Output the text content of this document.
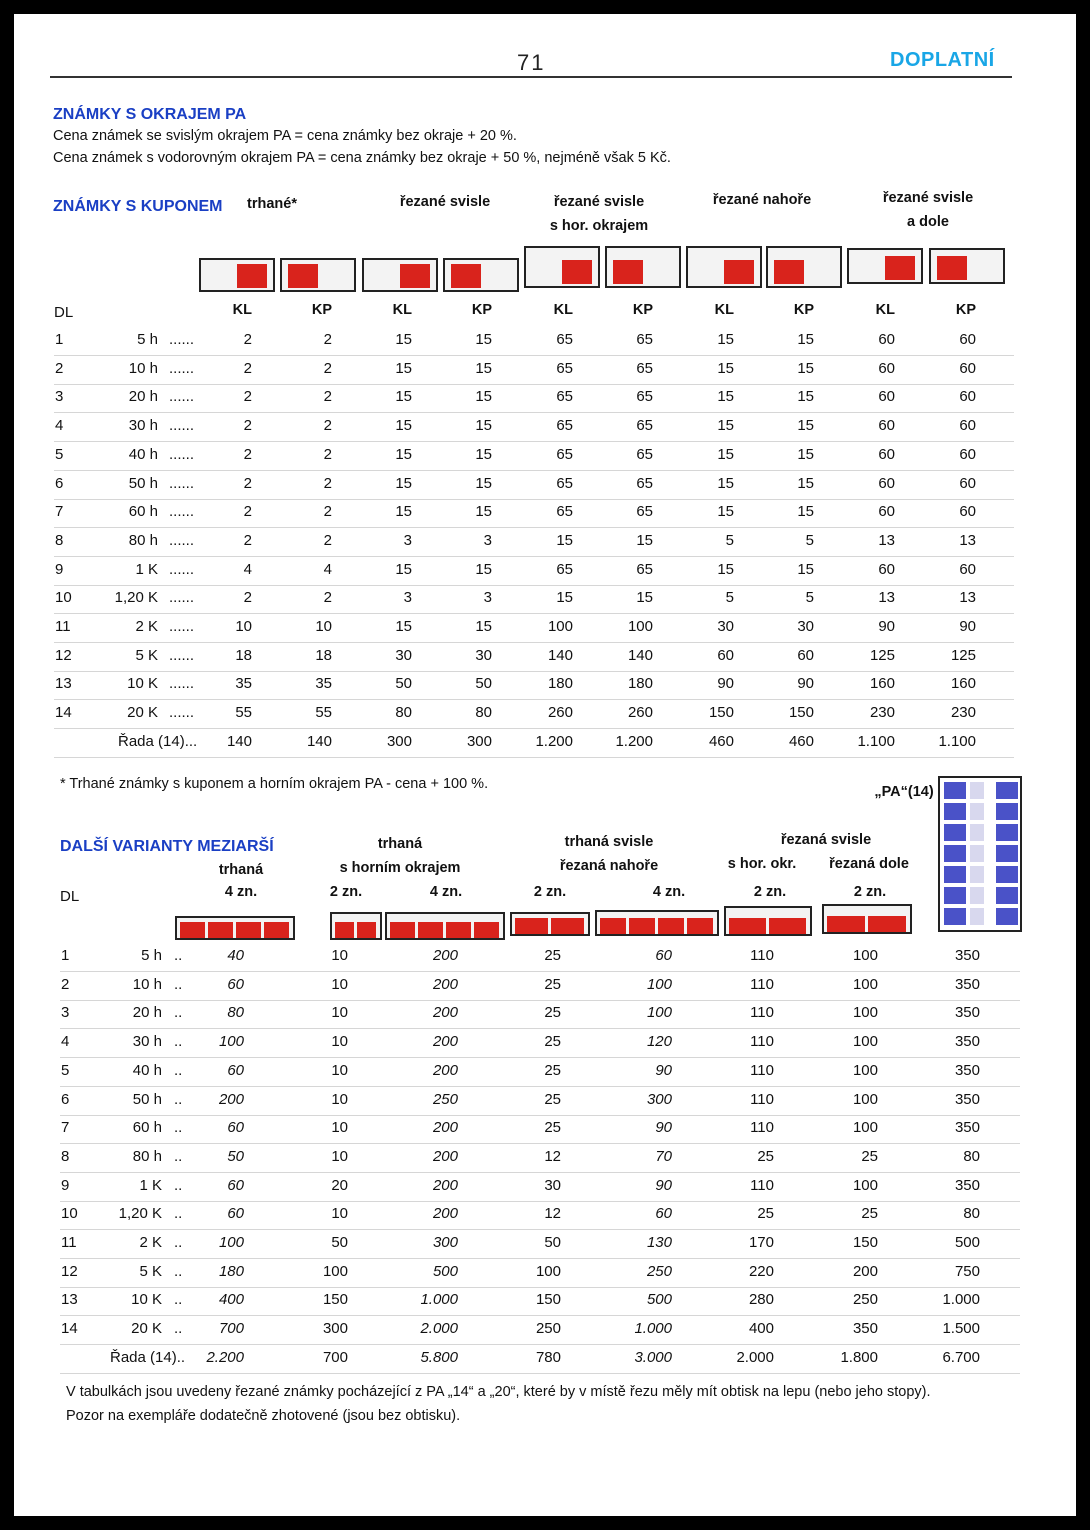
71	DOPLATNÍ
ZNÁMKY S OKRAJEM PA
Cena známek se svislým okrajem PA = cena známky bez okraje + 20 %.
Cena známek s vodorovným okrajem PA = cena známky bez okraje + 50 %, nejméně však 5 Kč.
ZNÁMKY S KUPONEM	trhané*	řezané svisle	řezané svisle
s hor. okrajem
řezané nahoře	řezané svisle
a dole
DL	KL	KP	KL	KP	KL	KP	KL	KP	KL	KP
1	5 h ......	2	2	15	15	65	65	15	15	60	60
2	10 h ......	2	2	15	15	65	65	15	15	60	60
3	20 h ......	2	2	15	15	65	65	15	15	60	60
4	30 h ......	2	2	15	15	65	65	15	15	60	60
5	40 h ......	2	2	15	15	65	65	15	15	60	60
6	50 h ......	2	2	15	15	65	65	15	15	60	60
7	60 h ......	2	2	15	15	65	65	15	15	60	60
8	80 h ......	2	2	3	3	15	15	5	5	13	13
9	1 K ......	4	4	15	15	65	65	15	15	60	60
10	1,20 K ......	2	2	3	3	15	15	5	5	13	13
11	2 K ......	10	10	15	15	100	100	30	30	90	90
12	5 K ......	18	18	30	30	140	140	60	60	125	125
13	10 K ......	35	35	50	50	180	180	90	90	160	160
14	20 K ......	55	55	80	80	260	260	150	150	230	230
Řada (14)...	140	140	300	300	1.200	1.200	460	460	1.100	1.100
* Trhané známky s kuponem a horním okrajem PA - cena + 100 %.
DALŠÍ VARIANTY MEZIARŠÍ
trhaná
trhaná
s horním okrajem
trhaná svisle
řezaná nahoře
řezaná svisle
s hor. okr.	řezaná dole
„PA“(14)
DL	4 zn.	2 zn.	4 zn.	2 zn.	4 zn.	2 zn.	2 zn.
1	5 h ..	40	10	200	25	60	110	100	350
2	10 h ..	60	10	200	25	100	110	100	350
3	20 h ..	80	10	200	25	100	110	100	350
4	30 h ..	100	10	200	25	120	110	100	350
5	40 h ..	60	10	200	25	90	110	100	350
6	50 h ..	200	10	250	25	300	110	100	350
7	60 h ..	60	10	200	25	90	110	100	350
8	80 h ..	50	10	200	12	70	25	25	80
9	1 K ..	60	20	200	30	90	110	100	350
10	1,20 K ..	60	10	200	12	60	25	25	80
11	2 K ..	100	50	300	50	130	170	150	500
12	5 K ..	180	100	500	100	250	220	200	750
13	10 K ..	400	150	1.000	150	500	280	250	1.000
14	20 K ..	700	300	2.000	250	1.000	400	350	1.500
Řada (14)..	2.200	700	5.800	780	3.000	2.000	1.800	6.700
V tabulkách jsou uvedeny řezané známky pocházející z PA „14“ a „20“, které by v místě řezu měly mít obtisk na lepu (nebo jeho stopy).
Pozor na exempláře dodatečně zhotovené (jsou bez obtisku).
